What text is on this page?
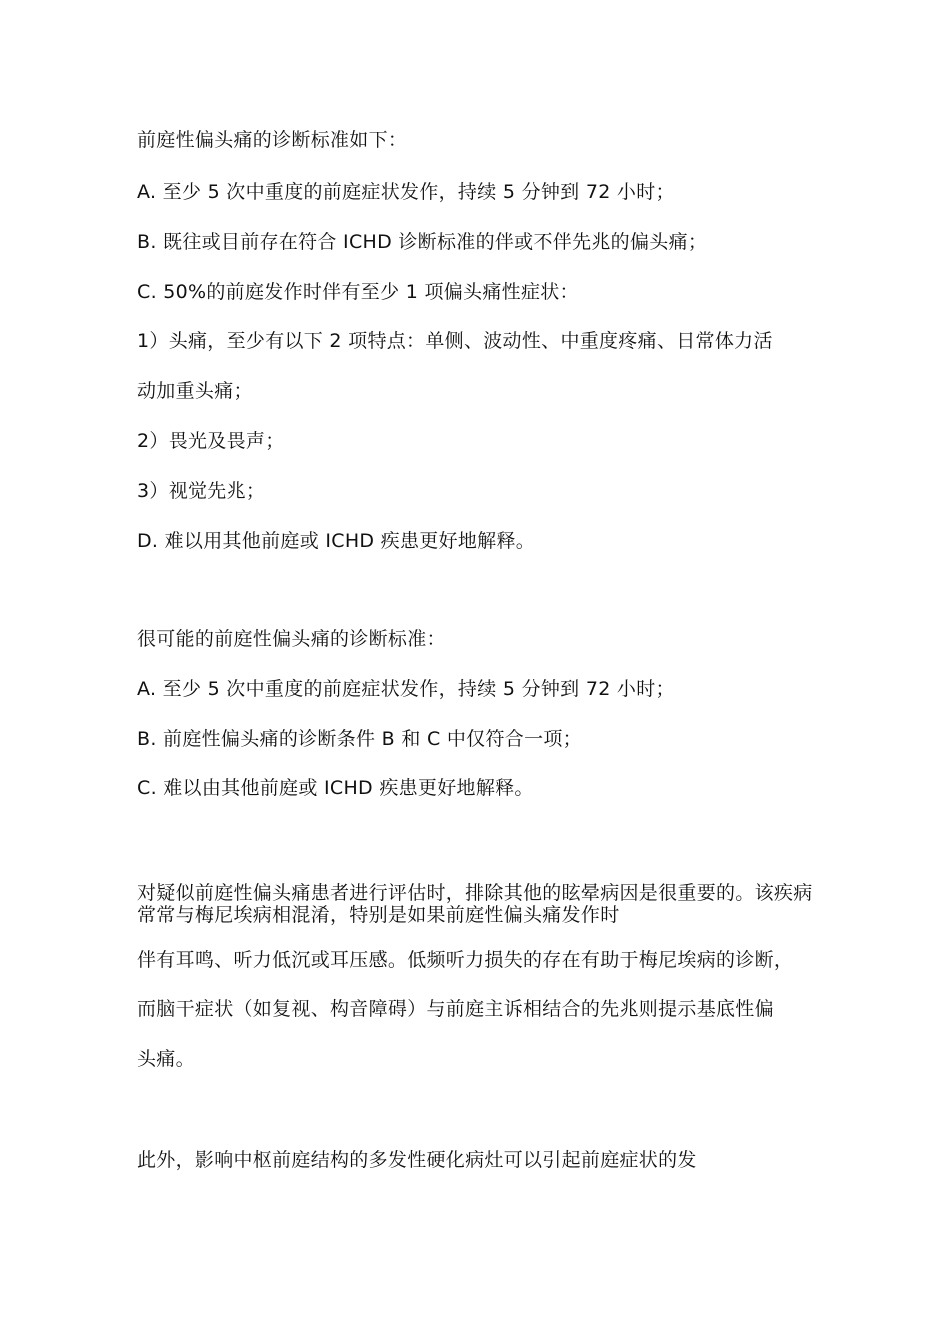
前庭性偏头痛的诊断标准如下：
A. 至少 5 次中重度的前庭症状发作，持续 5 分钟到 72 小时；
B. 既往或目前存在符合 ICHD 诊断标准的伴或不伴先兆的偏头痛；
C. 50%的前庭发作时伴有至少 1 项偏头痛性症状：
1）头痛，至少有以下 2 项特点：单侧、波动性、中重度疼痛、日常体力活
动加重头痛；
2）畏光及畏声；
3）视觉先兆；
D. 难以用其他前庭或 ICHD 疾患更好地解释。
很可能的前庭性偏头痛的诊断标准：
A. 至少 5 次中重度的前庭症状发作，持续 5 分钟到 72 小时；
B. 前庭性偏头痛的诊断条件 B 和 C 中仅符合一项；
C. 难以由其他前庭或 ICHD 疾患更好地解释。
对疑似前庭性偏头痛患者进行评估时，排除其他的眩晕病因是很重要的。该疾病常常与梅尼埃病相混淆，特别是如果前庭性偏头痛发作时
伴有耳鸣、听力低沉或耳压感。低频听力损失的存在有助于梅尼埃病的诊断，
而脑干症状（如复视、构音障碍）与前庭主诉相结合的先兆则提示基底性偏
头痛。
此外，影响中枢前庭结构的多发性硬化病灶可以引起前庭症状的发
